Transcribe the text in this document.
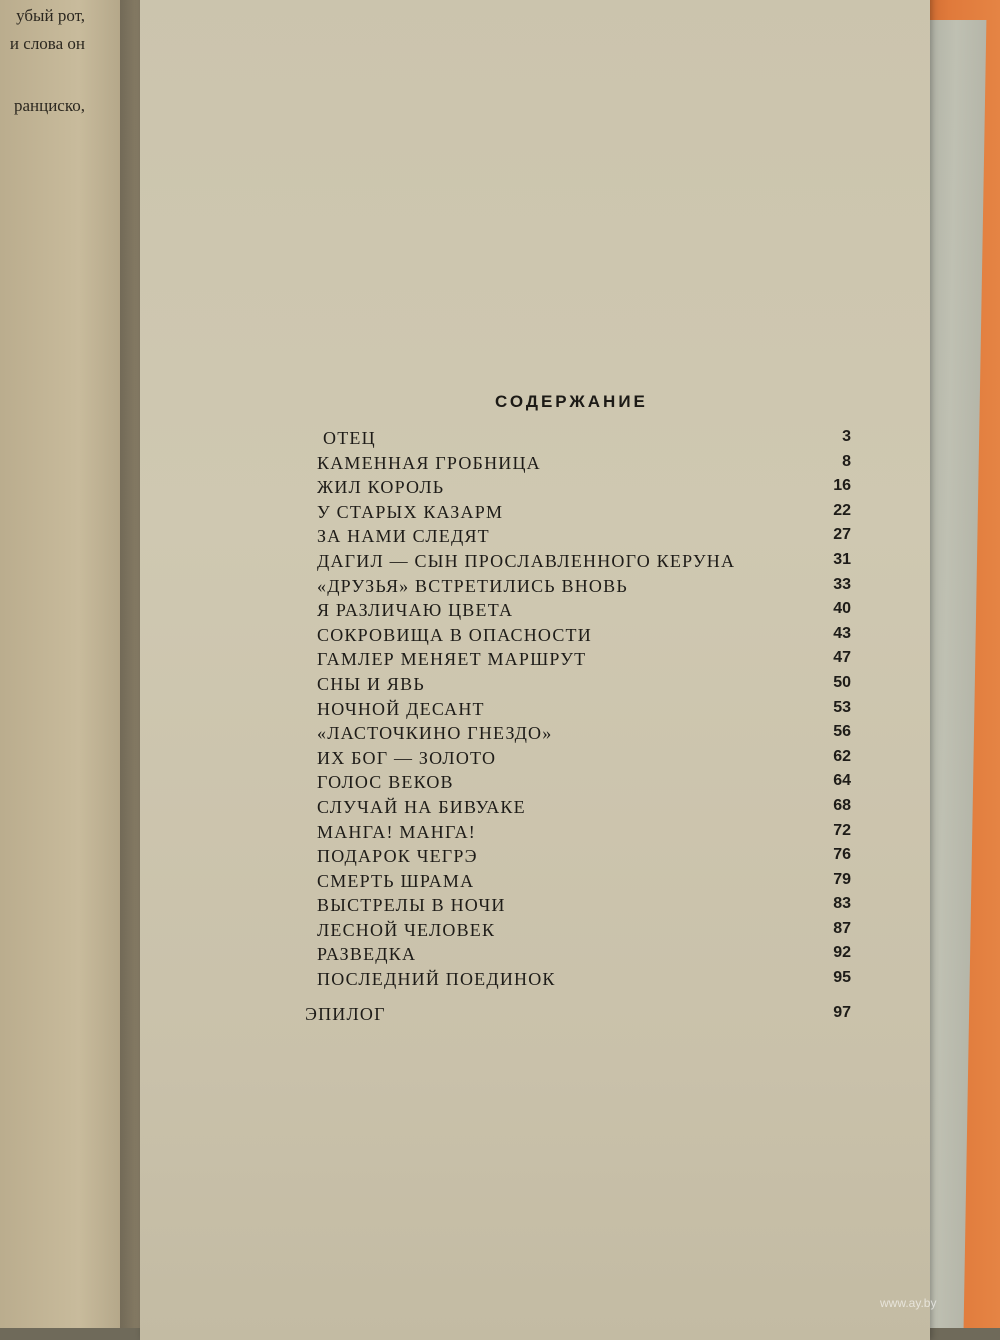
убый рот,
и слова он
ранциско,
СОДЕРЖАНИЕ
ОТЕЦ	3
КАМЕННАЯ ГРОБНИЦА	8
ЖИЛ КОРОЛЬ	16
У СТАРЫХ КАЗАРМ	22
ЗА НАМИ СЛЕДЯТ	27
ДАГИЛ — СЫН ПРОСЛАВЛЕННОГО КЕРУНА	31
«ДРУЗЬЯ» ВСТРЕТИЛИСЬ ВНОВЬ	33
Я РАЗЛИЧАЮ ЦВЕТА	40
СОКРОВИЩА В ОПАСНОСТИ	43
ГАМЛЕР МЕНЯЕТ МАРШРУТ	47
СНЫ И ЯВЬ	50
НОЧНОЙ ДЕСАНТ	53
«ЛАСТОЧКИНО ГНЕЗДО»	56
ИХ БОГ — ЗОЛОТО	62
ГОЛОС ВЕКОВ	64
СЛУЧАЙ НА БИВУАКЕ	68
МАНГА! МАНГА!	72
ПОДАРОК ЧЕГРЭ	76
СМЕРТЬ ШРАМА	79
ВЫСТРЕЛЫ В НОЧИ	83
ЛЕСНОЙ ЧЕЛОВЕК	87
РАЗВЕДКА	92
ПОСЛЕДНИЙ ПОЕДИНОК	95
ЭПИЛОГ	97
www.ay.by
